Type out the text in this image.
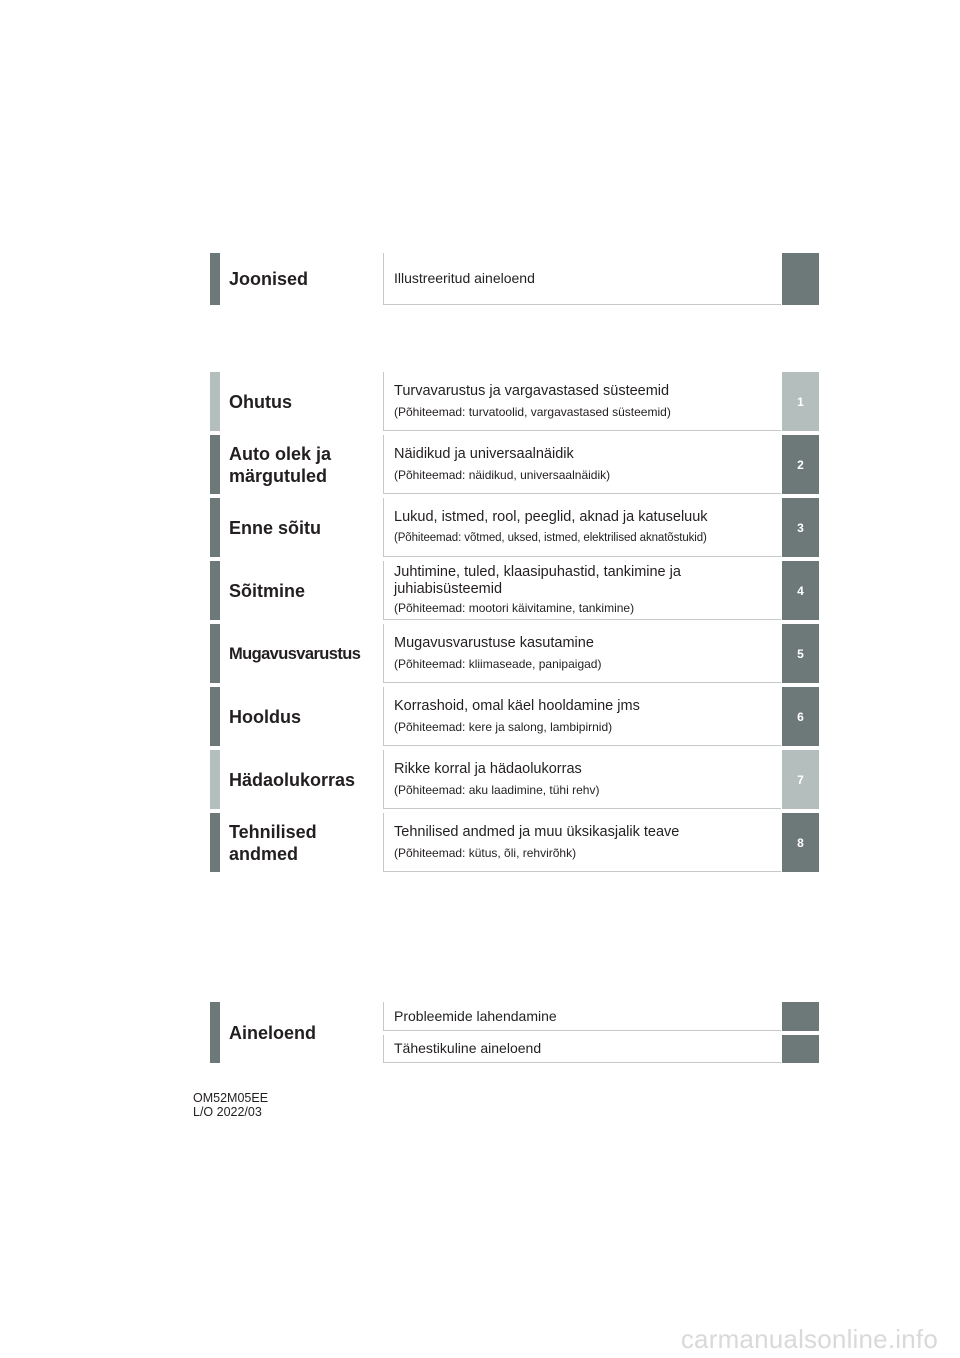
Joonised	Illustreeritud aineloend
Ohutus
Turvavarustus ja vargavastased süsteemid
(Põhiteemad: turvatoolid, vargavastased süsteemid)
1
Auto olek ja märgutuled
Näidikud ja universaalnäidik
(Põhiteemad: näidikud, universaalnäidik)
2
Enne sõitu
Lukud, istmed, rool, peeglid, aknad ja katuseluuk
(Põhiteemad: võtmed, uksed, istmed, elektrilised aknatõstukid)
3
Sõitmine
Juhtimine, tuled, klaasipuhastid, tankimine ja juhiabisüsteemid
(Põhiteemad: mootori käivitamine, tankimine)
4
Mugavusvarustus
Mugavusvarustuse kasutamine
(Põhiteemad: kliimaseade, panipaigad)
5
Hooldus
Korrashoid, omal käel hooldamine jms
(Põhiteemad: kere ja salong, lambipirnid)
6
Hädaolukorras
Rikke korral ja hädaolukorras
(Põhiteemad: aku laadimine, tühi rehv)
7
Tehnilised andmed
Tehnilised andmed ja muu üksikasjalik teave
(Põhiteemad: kütus, õli, rehvirõhk)
8
Aineloend
Probleemide lahendamine
Tähestikuline aineloend
OM52M05EE
L/O 2022/03
carmanualsonline.info
